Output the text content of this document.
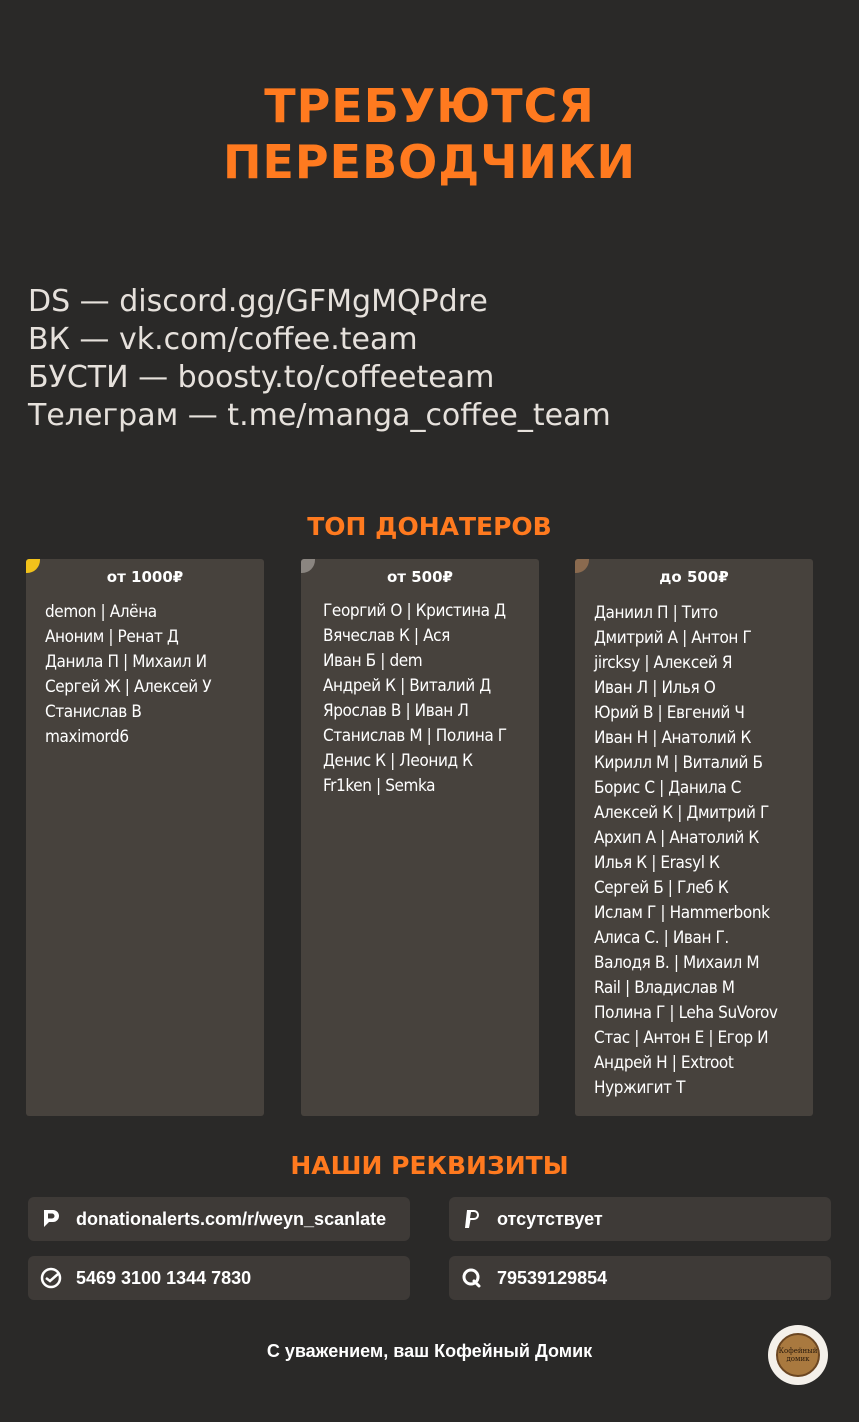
ТРЕБУЮТСЯ
ПЕРЕВОДЧИКИ
DS — discord.gg/GFMgMQPdre
ВК — vk.com/coffee.team
БУСТИ — boosty.to/coffeeteam
Телеграм — t.me/manga_coffee_team
ТОП ДОНАТЕРОВ
от 1000₽
demon | Алёна
Аноним | Ренат Д
Данила П | Михаил И
Сергей Ж | Алексей У
Станислав В
maximord6
от 500₽
Георгий О | Кристина Д
Вячеслав К | Ася
Иван Б | dem
Андрей К | Виталий Д
Ярослав В | Иван Л
Станислав М | Полина Г
Денис К | Леонид К
Fr1ken | Semka
до 500₽
Даниил П | Тито
Дмитрий А | Антон Г
jircksy | Алексей Я
Иван Л | Илья О
Юрий В | Евгений Ч
Иван Н | Анатолий К
Кирилл М | Виталий Б
Борис С | Данила С
Алексей К | Дмитрий Г
Архип А | Анатолий К
Илья К | Erasyl К
Сергей Б | Глеб К
Ислам Г | Hammerbonk
Алиса С. | Иван Г.
Валодя В. | Михаил М
Rail | Владислав М
Полина Г | Leha SuVorov
Стас | Антон Е | Егор И
Андрей Н | Extroot
Нуржигит Т
НАШИ РЕКВИЗИТЫ
donationalerts.com/r/weyn_scanlate	отсутствует
5469 3100 1344 7830	79539129854
С уважением, ваш Кофейный Домик	Кофейный
домик
